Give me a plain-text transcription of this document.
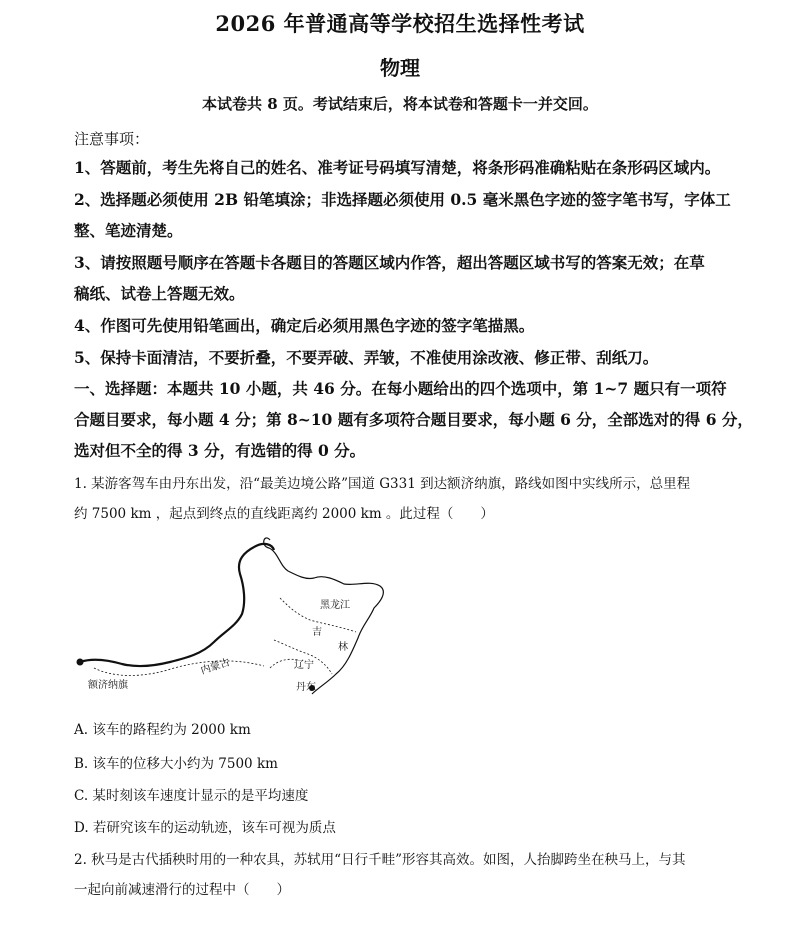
2026 年普通高等学校招生选择性考试
物理
本试卷共 8 页。考试结束后，将本试卷和答题卡一并交回。
注意事项：
1、答题前，考生先将自己的姓名、准考证号码填写清楚，将条形码准确粘贴在条形码区域内。
2、选择题必须使用 2B 铅笔填涂；非选择题必须使用 0.5 毫米黑色字迹的签字笔书写，字体工
整、笔迹清楚。
3、请按照题号顺序在答题卡各题目的答题区域内作答，超出答题区域书写的答案无效；在草
稿纸、试卷上答题无效。
4、作图可先使用铅笔画出，确定后必须用黑色字迹的签字笔描黑。
5、保持卡面清洁，不要折叠，不要弄破、弄皱，不准使用涂改液、修正带、刮纸刀。
一、选择题：本题共 10 小题，共 46 分。在每小题给出的四个选项中，第 1~7 题只有一项符
合题目要求，每小题 4 分；第 8~10 题有多项符合题目要求，每小题 6 分，全部选对的得 6 分，
选对但不全的得 3 分，有选错的得 0 分。
1. 某游客驾车由丹东出发，沿“最美边境公路”国道 G331 到达额济纳旗，路线如图中实线所示，总里程
约 7500 km ，起点到终点的直线距离约 2000 km 。此过程（　　）
黑龙江
吉
林
辽宁
内蒙古
额济纳旗	丹东
A. 该车的路程约为 2000 km
B. 该车的位移大小约为 7500 km
C. 某时刻该车速度计显示的是平均速度
D. 若研究该车的运动轨迹，该车可视为质点
2. 秋马是古代插秧时用的一种农具，苏轼用“日行千畦”形容其高效。如图，人抬脚跨坐在秧马上，与其
一起向前减速滑行的过程中（　　）
